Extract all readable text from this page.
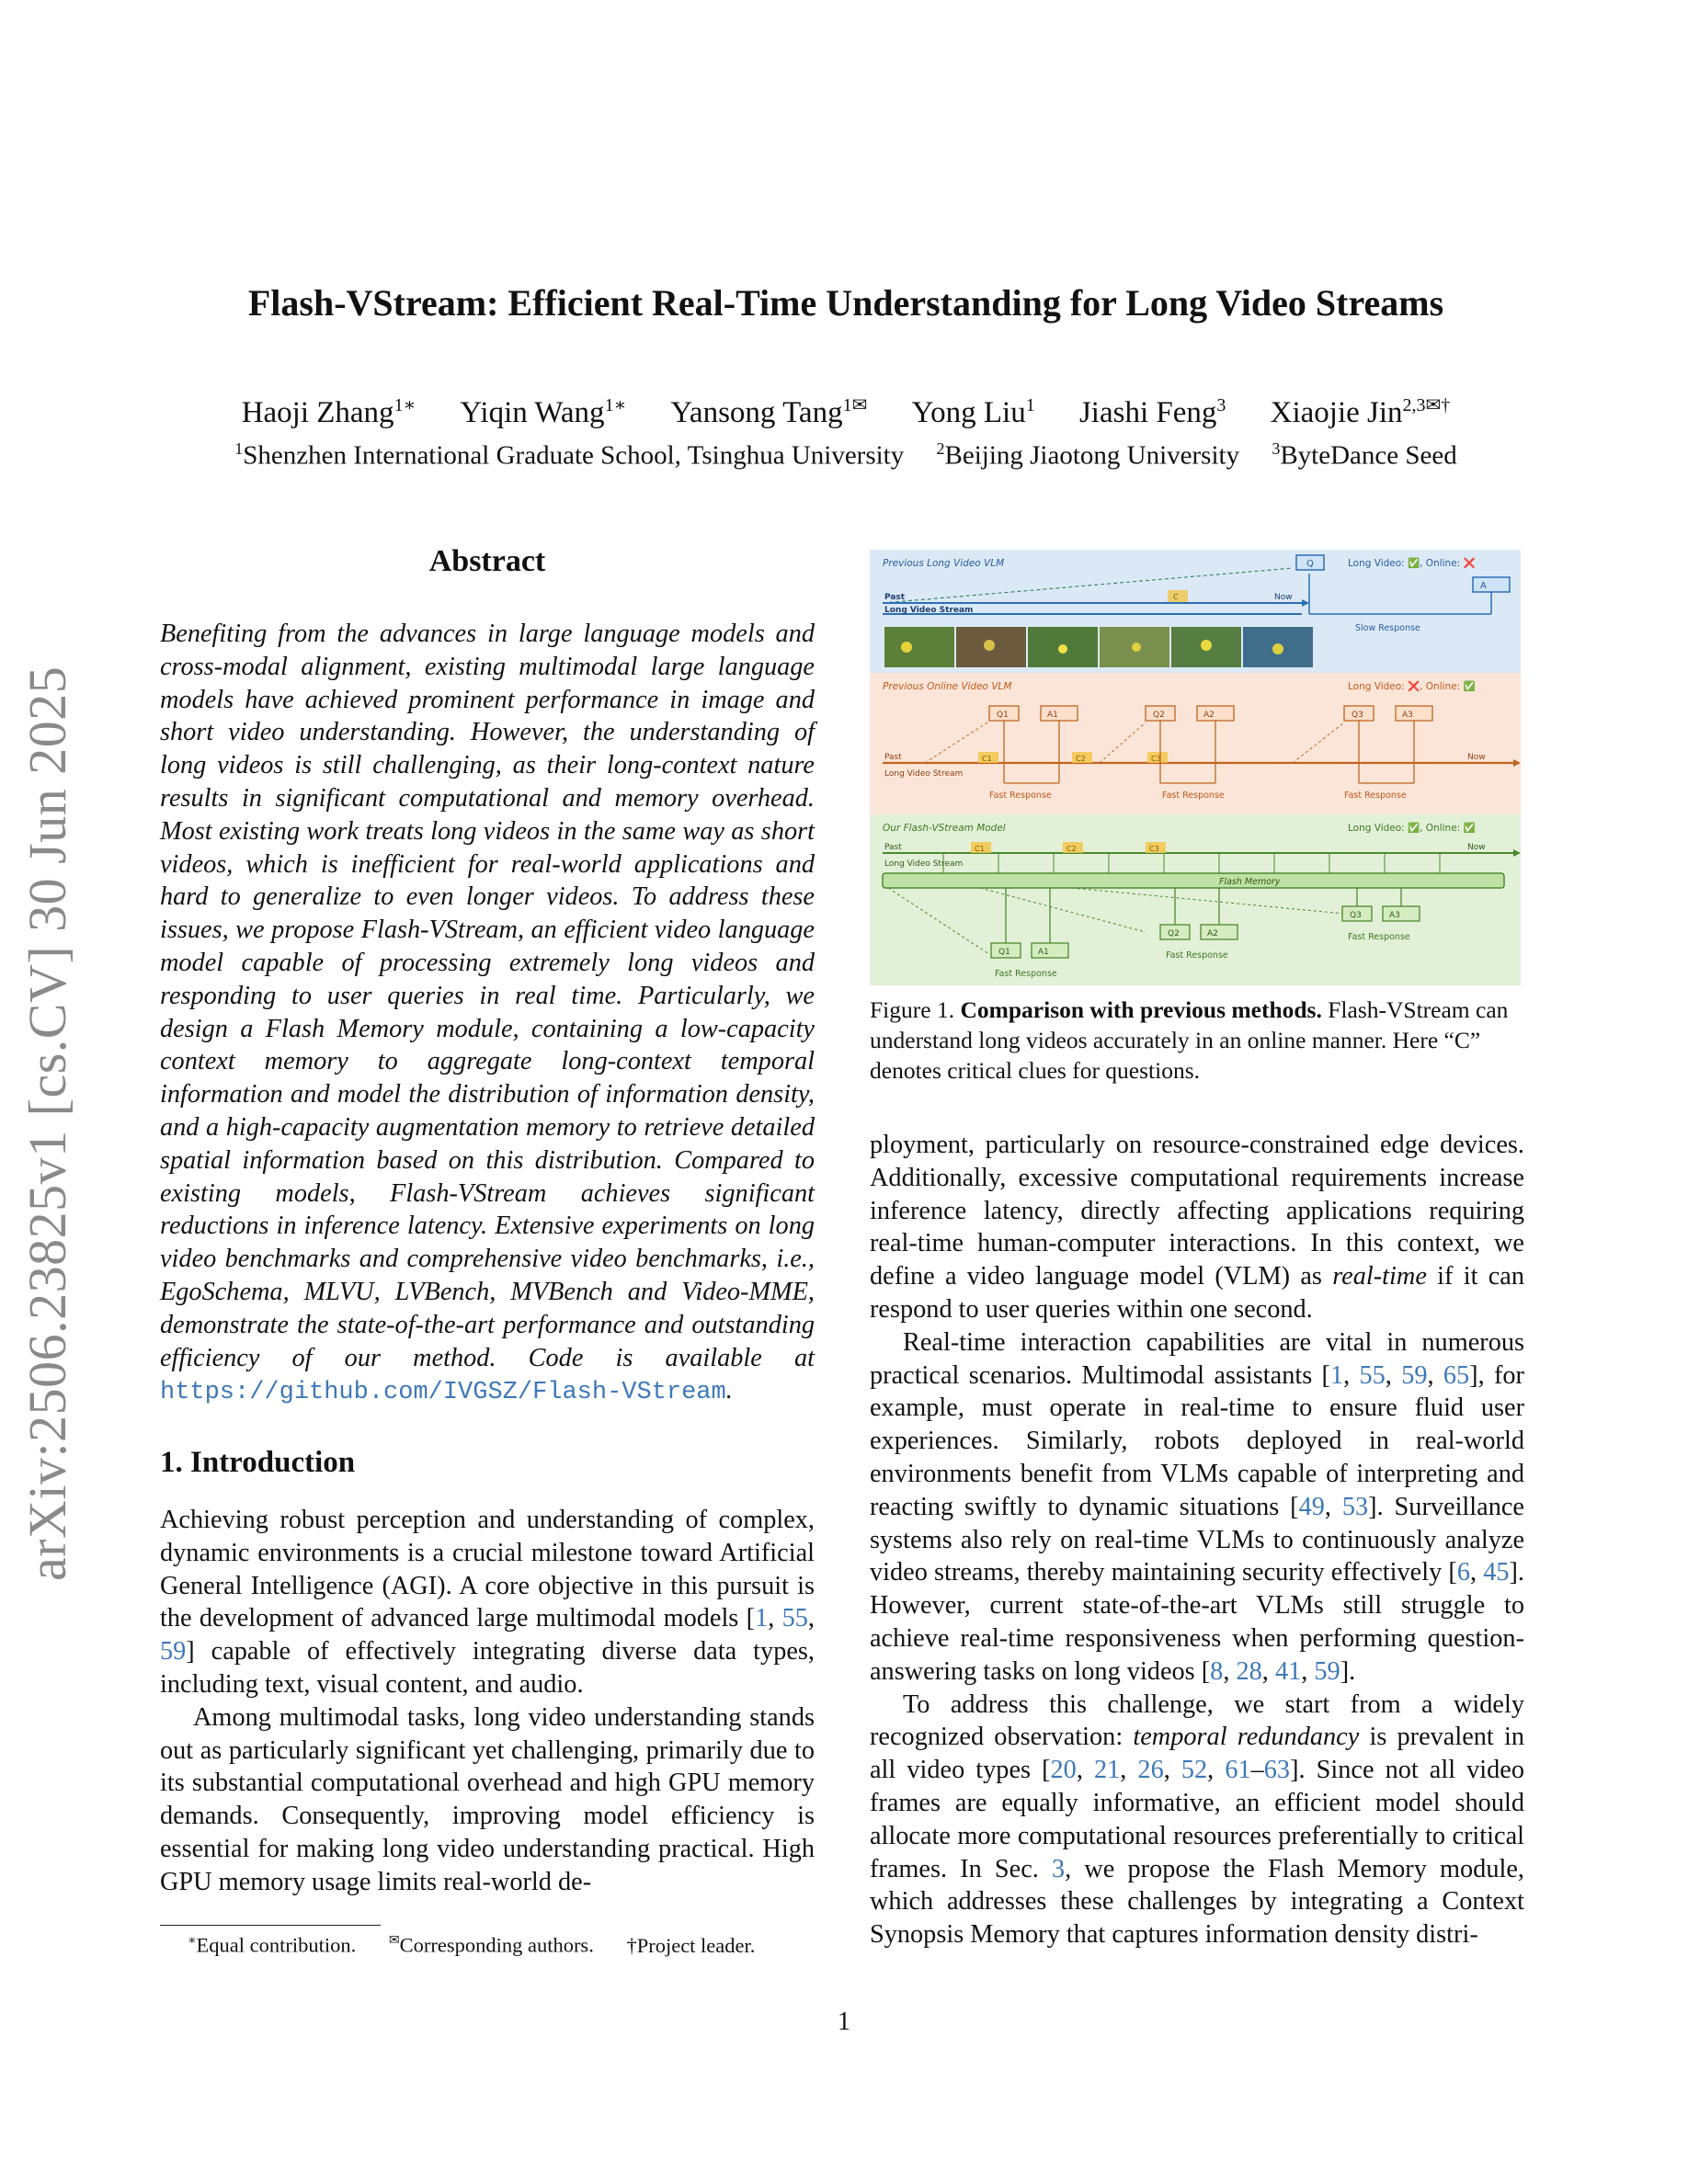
arXiv:2506.23825v1 [cs.CV] 30 Jun 2025
Flash-VStream: Efficient Real-Time Understanding for Long Video Streams
Haoji Zhang$^{1∗}$ Yiqin Wang$^{1∗}$ Yansong Tang$^{1✉}$ Yong Liu$^1$ Jiashi Feng$^3$ Xiaojie Jin$^{2,3✉\dagger}$
$^1$Shenzhen International Graduate School, Tsinghua University $^2$Beijing Jiaotong University $^3$ByteDance Seed
Abstract

Benefiting from the advances in large language models and cross-modal alignment, existing multimodal large language models have achieved prominent performance in image and short video understanding. However, the understanding of long videos is still challenging, as their long-context nature results in significant computational and memory overhead. Most existing work treats long videos in the same way as short videos, which is inefficient for real-world applications and hard to generalize to even longer videos. To address these issues, we propose Flash-VStream, an efficient video language model capable of processing extremely long videos and responding to user queries in real time. Particularly, we design a Flash Memory module, containing a low-capacity context memory to aggregate long-context temporal information and model the distribution of information density, and a high-capacity augmentation memory to retrieve detailed spatial information based on this distribution. Compared to existing models, Flash-VStream achieves significant reductions in inference latency. Extensive experiments on long video benchmarks and comprehensive video benchmarks, i.e., EgoSchema, MLVU, LVBench, MVBench and Video-MME, demonstrate the state-of-the-art performance and outstanding efficiency of our method. Code is available at https://github.com/IVGSZ/Flash-VStream.

1. Introduction

Achieving robust perception and understanding of complex, dynamic environments is a crucial milestone toward Artificial General Intelligence (AGI). A core objective in this pursuit is the development of advanced large multimodal models [1, 55, 59] capable of effectively integrating diverse data types, including text, visual content, and audio.

Among multimodal tasks, long video understanding stands out as particularly significant yet challenging, primarily due to its substantial computational overhead and high GPU memory demands. Consequently, improving model efficiency is essential for making long video understanding practical. High GPU memory usage limits real-world de-

∗Equal contribution.	✉Corresponding authors. †Project leader.
Previous Long Video VLM	Long Video: ✅, Online: ❌
Q
A
Past	Now
C
Long Video Stream
Slow Response
Previous Online Video VLM	Long Video: ❌, Online: ✅
Past	Now
Long Video Stream
Q1	A1	Q2	A2	Q3	A3
C1	C2	C3
Fast Response	Fast Response	Fast Response
Our Flash-VStream Model	Long Video: ✅, Online: ✅
Past	Now
Long Video Stream
C1	C2	C3
Flash Memory
Q1	A1
Q2	A2
Q3	A3
Fast Response
Fast Response
Fast Response

Figure 1. Comparison with previous methods. Flash-VStream can understand long videos accurately in an online manner. Here “C” denotes critical clues for questions.

ployment, particularly on resource-constrained edge devices. Additionally, excessive computational requirements increase inference latency, directly affecting applications requiring real-time human-computer interactions. In this context, we define a video language model (VLM) as real-time if it can respond to user queries within one second.

Real-time interaction capabilities are vital in numerous practical scenarios. Multimodal assistants [1, 55, 59, 65], for example, must operate in real-time to ensure fluid user experiences. Similarly, robots deployed in real-world environments benefit from VLMs capable of interpreting and reacting swiftly to dynamic situations [49, 53]. Surveillance systems also rely on real-time VLMs to continuously analyze video streams, thereby maintaining security effectively [6, 45]. However, current state-of-the-art VLMs still struggle to achieve real-time responsiveness when performing question-answering tasks on long videos [8, 28, 41, 59].

To address this challenge, we start from a widely recognized observation: temporal redundancy is prevalent in all video types [20, 21, 26, 52, 61–63]. Since not all video frames are equally informative, an efficient model should allocate more computational resources preferentially to critical frames. In Sec. 3, we propose the Flash Memory module, which addresses these challenges by integrating a Context Synopsis Memory that captures information density distri-

1
